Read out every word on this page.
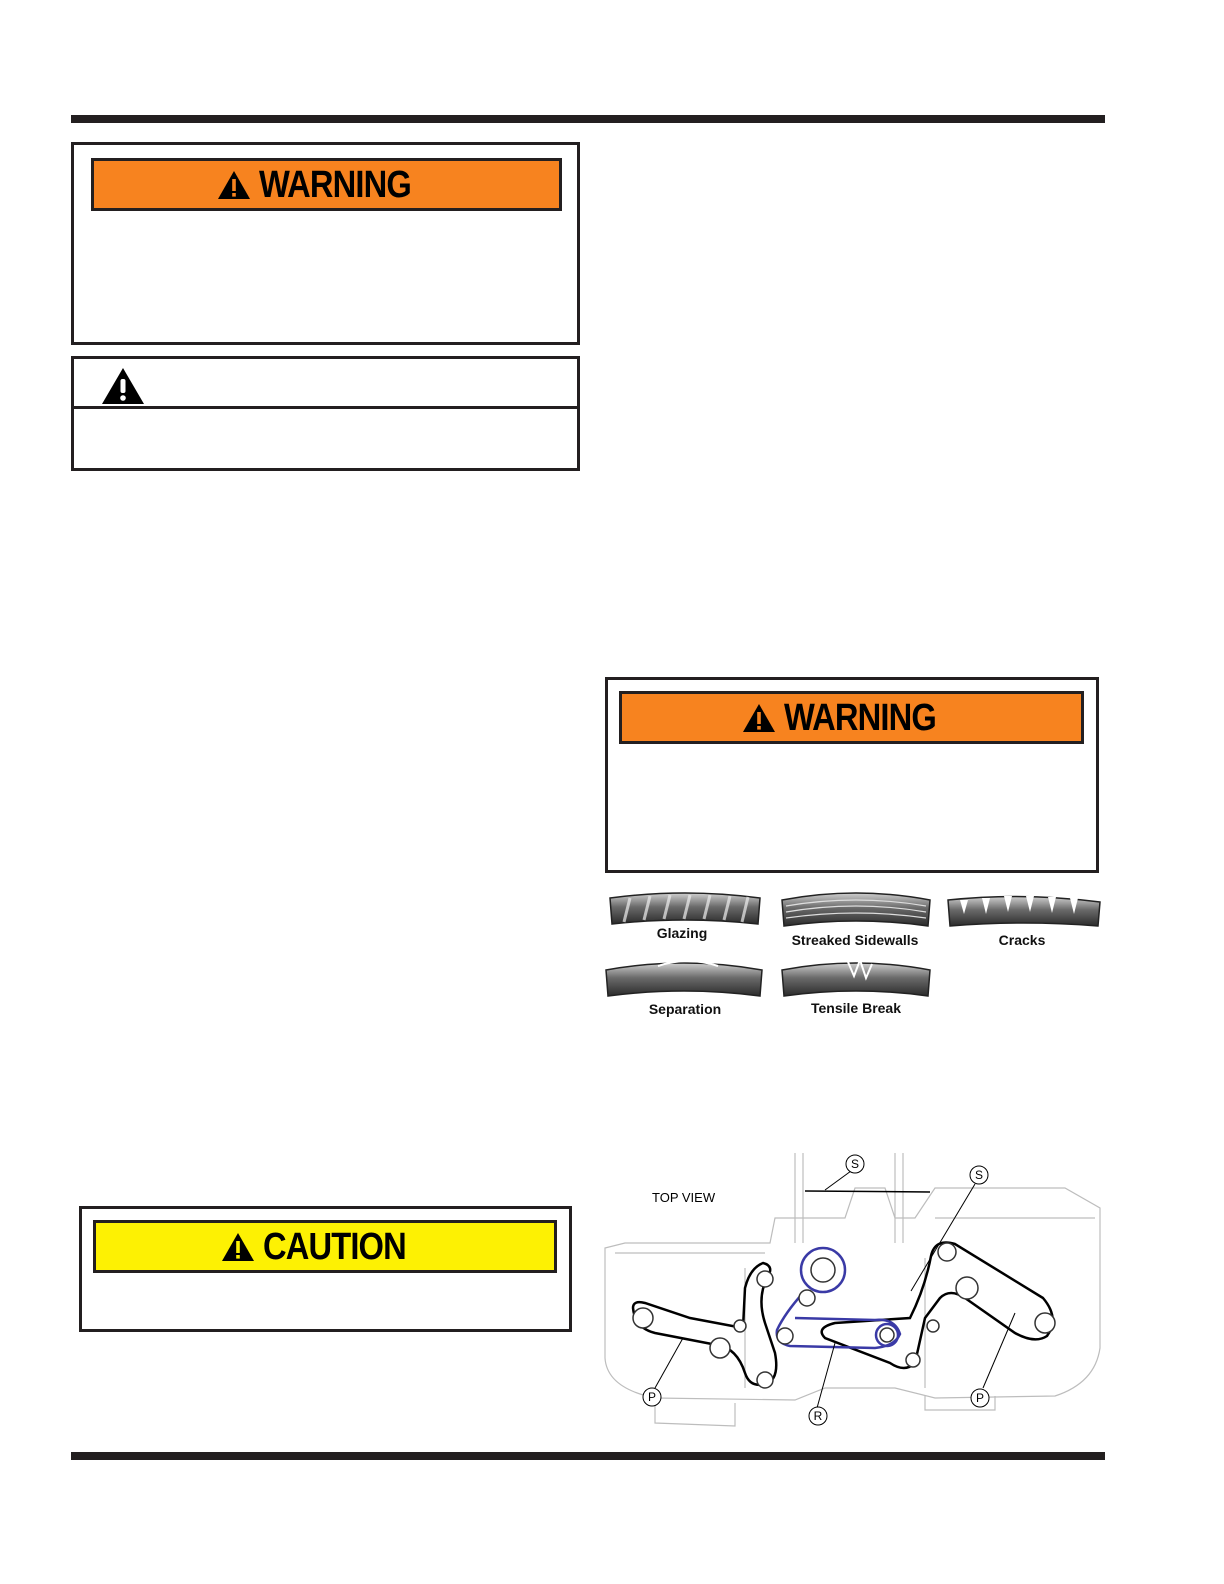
WARNING
WARNING
Glazing	Streaked Sidewalls	Cracks
Separation	Tensile Break
CAUTION
TOP VIEW
S
S
P
R
P
